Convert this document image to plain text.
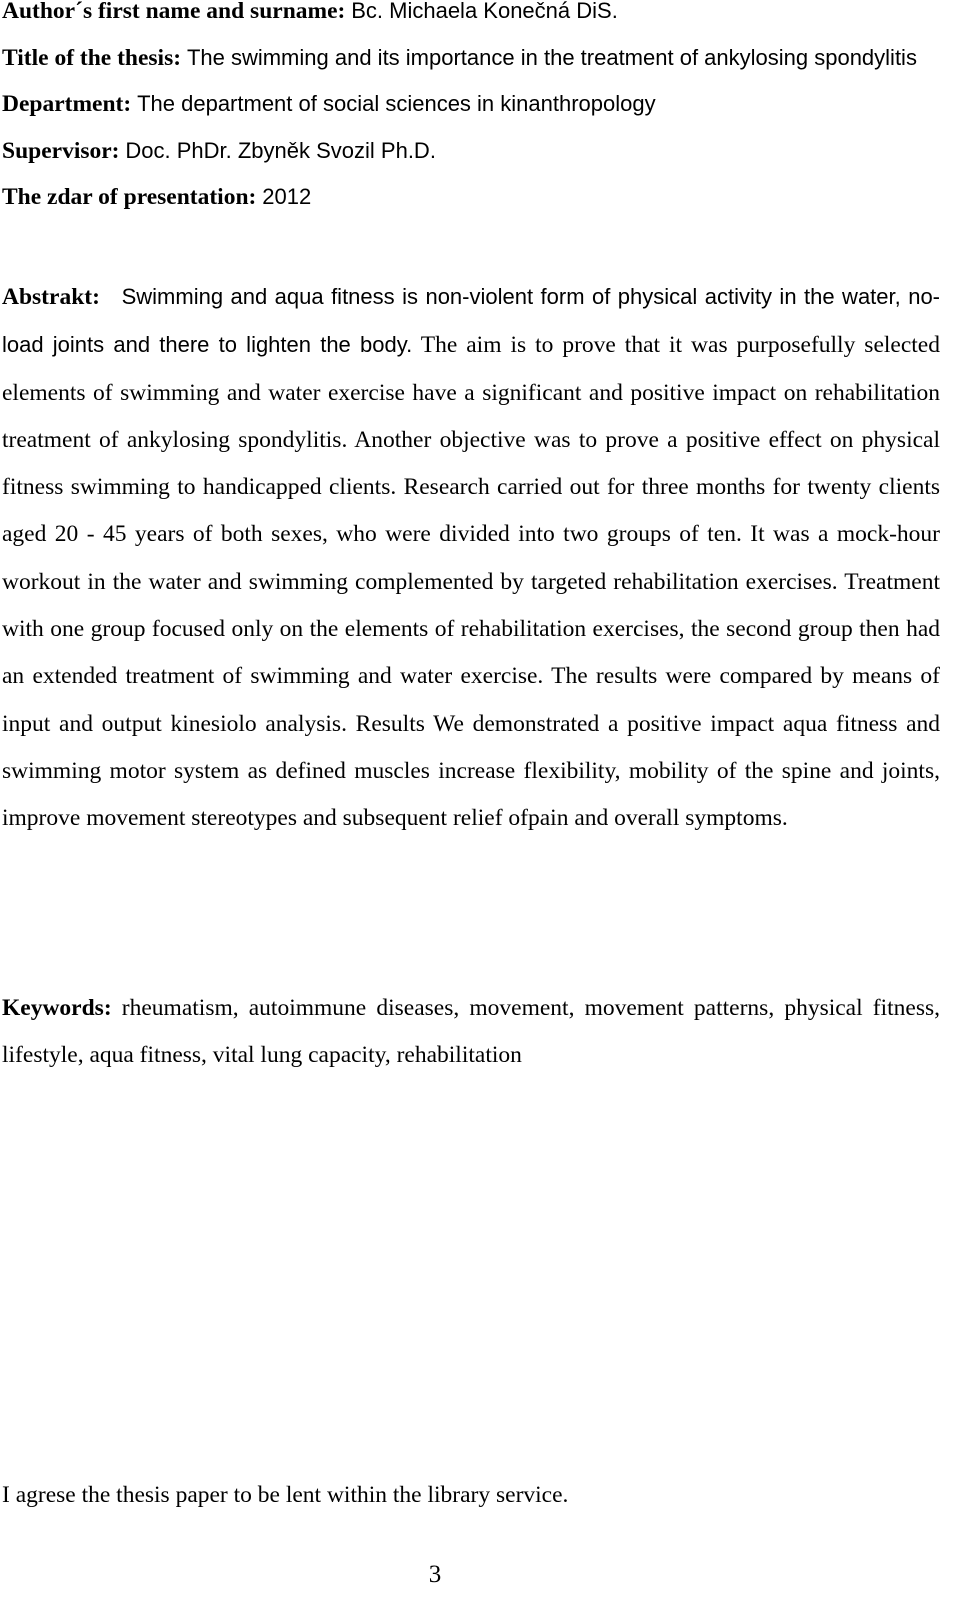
Author´s first name and surname: Bc. Michaela Konečná DiS.

Title of the thesis: The swimming and its importance in the treatment of ankylosing spondylitis

Department: The department of social sciences in kinanthropology

Supervisor: Doc. PhDr. Zbyněk Svozil Ph.D.

The zdar of presentation: 2012

Abstrakt: Swimming and aqua fitness is non-violent form of physical activity in the water, no-load joints and there to lighten the body. The aim is to prove that it was purposefully selected elements of swimming and water exercise have a significant and positive impact on rehabilitation treatment of ankylosing spondylitis. Another objective was to prove a positive effect on physical fitness swimming to handicapped clients. Research carried out for three months for twenty clients aged 20 - 45 years of both sexes, who were divided into two groups of ten. It was a mock-hour workout in the water and swimming complemented by targeted rehabilitation exercises. Treatment with one group focused only on the elements of rehabilitation exercises, the second group then had an extended treatment of swimming and water exercise. The results were compared by means of input and output kinesiolo analysis. Results We demonstrated a positive impact aqua fitness and swimming motor system as defined muscles increase flexibility, mobility of the spine and joints, improve movement stereotypes and subsequent relief ofpain and overall symptoms.

Keywords: rheumatism, autoimmune diseases, movement, movement patterns, physical fitness, lifestyle, aqua fitness, vital lung capacity, rehabilitation

I agrese the thesis paper to be lent within the library service.

3
